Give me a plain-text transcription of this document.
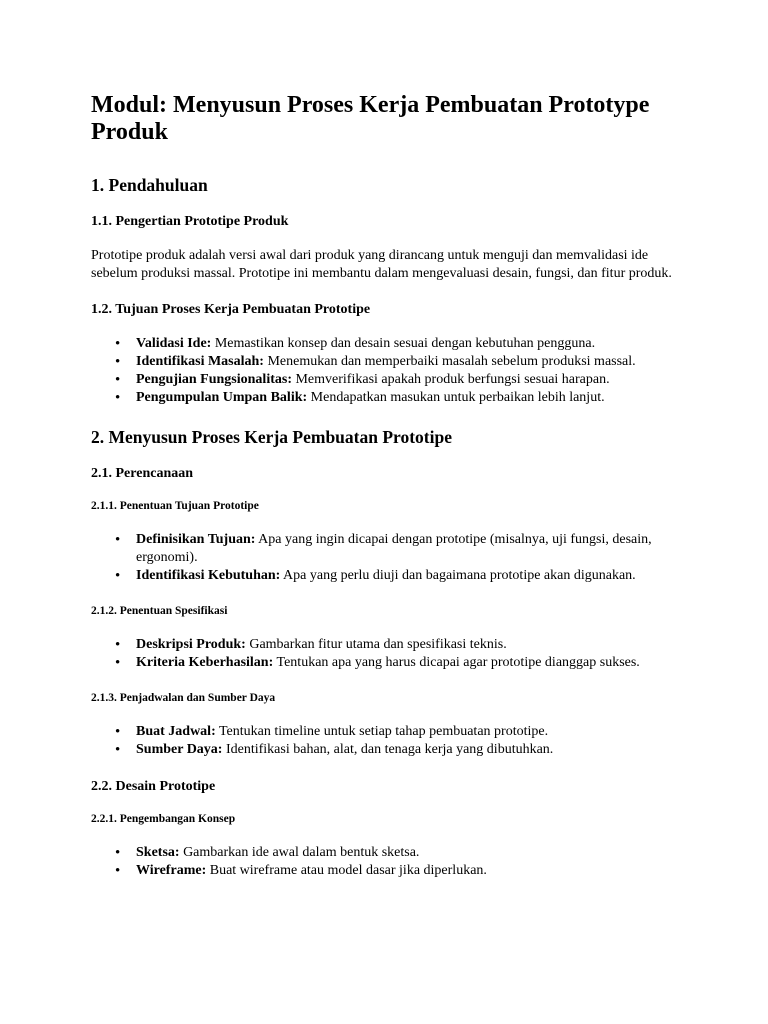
Modul: Menyusun Proses Kerja Pembuatan Prototype Produk
1. Pendahuluan
1.1. Pengertian Prototipe Produk

Prototipe produk adalah versi awal dari produk yang dirancang untuk menguji dan memvalidasi ide sebelum produksi massal. Prototipe ini membantu dalam mengevaluasi desain, fungsi, dan fitur produk.

1.2. Tujuan Proses Kerja Pembuatan Prototipe
• Validasi Ide: Memastikan konsep dan desain sesuai dengan kebutuhan pengguna.
• Identifikasi Masalah: Menemukan dan memperbaiki masalah sebelum produksi massal.
• Pengujian Fungsionalitas: Memverifikasi apakah produk berfungsi sesuai harapan.
• Pengumpulan Umpan Balik: Mendapatkan masukan untuk perbaikan lebih lanjut.
2. Menyusun Proses Kerja Pembuatan Prototipe
2.1. Perencanaan
2.1.1. Penentuan Tujuan Prototipe
• Definisikan Tujuan: Apa yang ingin dicapai dengan prototipe (misalnya, uji fungsi, desain, ergonomi).
• Identifikasi Kebutuhan: Apa yang perlu diuji dan bagaimana prototipe akan digunakan.
2.1.2. Penentuan Spesifikasi
• Deskripsi Produk: Gambarkan fitur utama dan spesifikasi teknis.
• Kriteria Keberhasilan: Tentukan apa yang harus dicapai agar prototipe dianggap sukses.
2.1.3. Penjadwalan dan Sumber Daya
• Buat Jadwal: Tentukan timeline untuk setiap tahap pembuatan prototipe.
• Sumber Daya: Identifikasi bahan, alat, dan tenaga kerja yang dibutuhkan.
2.2. Desain Prototipe
2.2.1. Pengembangan Konsep
• Sketsa: Gambarkan ide awal dalam bentuk sketsa.
• Wireframe: Buat wireframe atau model dasar jika diperlukan.
